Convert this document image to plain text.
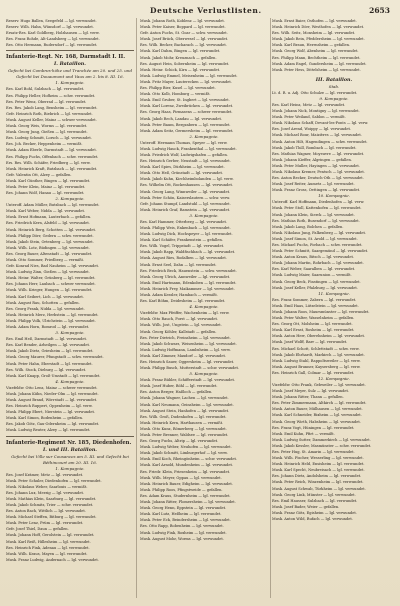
Deutsche Verlustlisten.	2653
Reserv. Hugo Ballen, Seegefeld — lgl. verwundet.
Reserv. Wilh. Hahn, Wünsdorf — lgl. verwundet.
Ersatz-Res. Karl Goldberg, Holzhausen — lgl. verw.
Res. Franz Rohde, Alt-Landsberg — lgl. verwundet.
Res. Otto Hermann, Rudersdorf — lgl. verwundet.
Infanterie-Regt. Nr. 168, Darmstadt I. II.
I. Bataillon.
Gefecht bei Combres-höhe und Tranchée am 20. und 25. und Gefecht bei Douaumont und Vaux am 2. bis 8. III. 16.
1. Kompagnie.
Res. Karl Bohl, Sulzbach — lgl. verwundet.
Res. Philipp Heller, Hofheim — schw. verwundet.
Res. Peter Wenz, Oberrad — lgl. verwundet.
Ers. Res. Jakob Lang, Bensheim — lgl. verwundet.
Gefr. Heinrich Roth, Biebrich — lgl. verwundet.
Musk. August Keller, Mainz — schwer verwundet.
Musk. Georg Weis, Worms — lgl. verwundet.
Musk. Georg Jung, Gießen — lgl. verwundet.
Res. Ludwig Schmitt, Lorsch — lgl. verwundet.
Res. Joh. Becker, Heppenheim — vermißt.
Musk. Adam Eberle, Darmstadt — lgl. verwundet.
Res. Philipp Fuchs, Offenbach — schw. verwundet.
Ers. Res. Wilh. Schäfer, Friedberg — lgl. verw.
Musk. Heinrich Kraft, Butzbach — lgl. verwundet.
Gefr. Valentin Ott, Alzey — gefallen.
Musk. Karl Günther, Bingen — lgl. verwundet.
Musk. Peter Klein, Mainz — lgl. verwundet.
Res. Johann Wolf, Hanau — lgl. verwundet.
2. Kompagnie.
Unteroff. Adam Müller, Butzbach — lgl. verwundet.
Musk. Karl Weber, Nidda — lgl. verwundet.
Musk. Ernst Hofmann, Lauterbach — gefallen.
Res. Friedrich Kern, Alsfeld — lgl. verwundet.
Musk. Heinrich Berg, Schotten — lgl. verwundet.
Musk. Philipp Dörr, Gedern — schw. verwundet.
Musk. Jakob Stein, Ortenberg — lgl. verwundet.
Musk. Wilh. Lotz, Büdingen — lgl. verwundet.
Res. Georg Bauer, Altenstadt — lgl. verwundet.
Musk. Otto Sommer, Friedberg — vermißt.
Gefr. Konrad Nies, Bad Nauheim — lgl. verwundet.
Musk. Ludwig Zinn, Gießen — lgl. verwundet.
Musk. Heinr. Walter, Grünberg — lgl. verwundet.
Res. Johann Herr, Laubach — schwer verwundet.
Musk. Wilh. Krieger, Hungen — lgl. verwundet.
Musk. Karl Seibert, Lich — lgl. verwundet.
Musk. August Rau, Schotten — gefallen.
Res. Georg Frank, Nidda — lgl. verwundet.
Musk. Heinrich Merz, Herbstein — lgl. verwundet.
Musk. Philipp Volk, Ulrichstein — lgl. verwundet.
Musk. Adam Horn, Romrod — lgl. verwundet.
3. Kompagnie.
Res. Emil Heß, Darmstadt — lgl. verwundet.
Res. Karl Bender, Arheilgen — lgl. verwundet.
Musk. Jakob Dietz, Griesheim — lgl. verwundet.
Musk. Georg Maurer, Pfungstadt — schw. verwundet.
Musk. Peter Hahn, Eberstadt — lgl. verwundet.
Res. Wilh. Stock, Dieburg — lgl. verwundet.
Musk. Karl Knapp, Groß-Umstadt — lgl. verwundet.
4. Kompagnie.
Vizefeldw. Otto Lenz, Mainz — schwer verwundet.
Musk. Johann Kühn, Nieder-Olm — lgl. verwundet.
Musk. August Brand, Wörrstadt — lgl. verwundet.
Res. Heinrich Ruppert, Oppenheim — lgl. verw.
Musk. Philipp Ebert, Nierstein — lgl. verwundet.
Musk. Karl Simon, Bodenheim — gefallen.
Res. Jakob Götz, Gau-Odernheim — lgl. verwundet.
Musk. Ludwig Reuter, Alzey — lgl. verwundet.
Infanterie-Regiment Nr. 185, Diedenhofen.
I. und III. Bataillon.
Gefecht bei Ville sur Cousances am 5. III. und Gefecht bei Béthincourt am 20. III. 16.
1. Kompagnie.
Res. Josef Krämer, Metz — lgl. verwundet.
Musk. Peter Schuler, Diedenhofen — lgl. verwundet.
Musk. Nikolaus Weber, Saarlouis — vermißt.
Res. Johann Lux, Merzig — lgl. verwundet.
Musk. Mathias Klein, Saarburg — lgl. verwundet.
Musk. Jakob Schmitz, Trier — schw. verwundet.
Res. Anton Bach, Wittlich — lgl. verwundet.
Musk. Michael Steffen, Bitburg — lgl. verwundet.
Musk. Peter Lenz, Prüm — lgl. verwundet.
Gefr. Josef Thiel, Daun — gefallen.
Musk. Johann Hoff, Gerolstein — lgl. verwundet.
Musk. Karl Reiß, Hillesheim — lgl. verwundet.
Res. Heinrich Fink, Adenau — lgl. verwundet.
Musk. Wilh. Kraus, Mayen — lgl. verwundet.
Musk. Franz Ludwig, Andernach — lgl. verwundet.
Musk. Johann Roth, Koblenz — lgl. verwundet.
Musk. Peter Kaiser, Boppard — lgl. verwundet.
Gefr. Anton Fuchs, St. Goar — schw. verwundet.
Musk. Josef Brück, Oberwesel — lgl. verwundet.
Res. Wilh. Becker, Bacharach — lgl. verwundet.
Musk. Karl Dahm, Bingen — lgl. verwundet.
Musk. Jakob Mohr, Kreuznach — gefallen.
Res. August Hein, Sobernheim — lgl. verwundet.
Musk. Heinr. Schick, Kirn — lgl. verwundet.
Musk. Ludwig Emmel, Meisenheim — lgl. verwundet.
Musk. Fritz Mayer, Lauterecken — lgl. verwundet.
Res. Philipp Bier, Kusel — lgl. verwundet.
Musk. Otto Kolb, Homburg — vermißt.
Musk. Emil Gruber, St. Ingbert — lgl. verwundet.
Musk. Karl Lorenz, Zweibrücken — lgl. verwundet.
Res. Georg Haas, Pirmasens — schwer verwundet.
Musk. Jakob Rech, Landau — lgl. verwundet.
Musk. Peter Baum, Bergzabern — lgl. verwundet.
Musk. Adam Seitz, Germersheim — lgl. verwundet.
2. Kompagnie.
Unteroff. Hermann Thomas, Speyer — lgl. verw.
Musk. Ludwig Hauck, Frankenthal — lgl. verwundet.
Musk. Friedrich Wolf, Ludwigshafen — gefallen.
Res. Heinrich Gerber, Neustadt — lgl. verwundet.
Musk. Karl Spies, Dürkheim — lgl. verwundet.
Musk. Otto Heß, Grünstadt — lgl. verwundet.
Musk. Jakob Kuhn, Kirchheimbolanden — lgl. verw.
Res. Wilhelm Ott, Rockenhausen — lgl. verwundet.
Musk. Georg Lang, Winnweiler — lgl. verwundet.
Musk. Peter Schön, Kaiserslautern — schw. verw.
Gefr. Johann Stumpf, Landstuhl — lgl. verwundet.
Musk. Heinrich Graf, Ramstein — lgl. verwundet.
3. Kompagnie.
Res. Karl Hammer, Otterberg — lgl. verwundet.
Musk. Philipp Weis, Enkenbach — lgl. verwundet.
Musk. Ludwig Dick, Hochspeyer — lgl. verwundet.
Musk. Karl Schäfer, Frankenstein — gefallen.
Res. Wilh. Vogel, Trippstadt — lgl. verwundet.
Musk. Jakob Rapp, Waldfischbach — lgl. verwundet.
Musk. August Ries, Rodalben — lgl. verwundet.
Musk. Ernst Seel, Dahn — lgl. verwundet.
Res. Friedrich Beck, Hauenstein — schw. verwundet.
Musk. Georg Ulrich, Annweiler — lgl. verwundet.
Musk. Emil Hartmann, Edenkoben — lgl. verwundet.
Musk. Heinrich Frey, Maikammer — lgl. verwundet.
Musk. Adam Kessler, Hambach — vermißt.
Res. Karl Böhm, Deidesheim — lgl. verwundet.
4. Kompagnie.
Vizefeldw. Max Pfeiffer, Wachenheim — lgl. verw.
Musk. Otto Rauch, Forst — lgl. verwundet.
Musk. Wilh. Jost, Ungstein — lgl. verwundet.
Musk. Georg Köhler, Kallstadt — gefallen.
Res. Peter Dietrich, Freinsheim — lgl. verwundet.
Musk. Jakob Schwarz, Weisenheim — lgl. verwundet.
Musk. Ludwig Hoffmann, Lambsheim — lgl. verw.
Musk. Karl Zimmer, Maxdorf — lgl. verwundet.
Res. Heinrich Sauer, Oggersheim — lgl. verwundet.
Musk. Philipp Busch, Mutterstadt — schw. verwundet.
5. Kompagnie.
Musk. Franz Bühler, Schifferstadt — lgl. verwundet.
Musk. Josef Huber, Böhl — lgl. verwundet.
Res. Anton Berger, Haßloch — gefallen.
Musk. Johann Wagner, Lachen — lgl. verwundet.
Musk. Karl Neumann, Geinsheim — lgl. verwundet.
Musk. August Stein, Hanhofen — lgl. verwundet.
Res. Wilh. Groß, Dudenhofen — lgl. verwundet.
Musk. Heinrich Kern, Harthausen — vermißt.
Musk. Otto Kunz, Römerberg — lgl. verwundet.
Musk. Peter Brenner, Waldsee — lgl. verwundet.
Res. Georg Fuchs, Altrip — lgl. verwundet.
Musk. Ludwig Weber, Neuhofen — lgl. verwundet.
Musk. Jakob Schmitt, Limburgerhof — lgl. verw.
Musk. Emil Koch, Rheingönheim — schw. verwundet.
Musk. Karl Arnold, Mundenheim — lgl. verwundet.
Res. Friedr. Klein, Friesenheim — lgl. verwundet.
Musk. Wilh. Meyer, Oppau — lgl. verwundet.
Musk. Heinrich Bauer, Edigheim — lgl. verwundet.
Musk. Philipp Roos, Pfingstweide — gefallen.
Res. Adam Kraus, Studernheim — lgl. verwundet.
Musk. Johann Ritter, Flomersheim — lgl. verwundet.
Musk. Georg Henn, Eppstein — lgl. verwundet.
Musk. Karl Lutz, Heßheim — lgl. verwundet.
Musk. Peter Eck, Beindersheim — lgl. verwundet.
Res. Otto Rapp, Bobenheim — lgl. verwundet.
Musk. Ludwig Fink, Roxheim — lgl. verwundet.
Musk. August Mohr, Worms — lgl. verwundet.
Musk. Ernst Baier, Osthofen — lgl. verwundet.
Musk. Heinrich Dörr, Westhofen — lgl. verwundet.
Res. Wilh. Seitz, Monsheim — lgl. verwundet.
Musk. Jakob Rein, Pfeddersheim — lgl. verwundet.
Musk. Karl Braun, Herrnsheim — gefallen.
Musk. Georg Wolf, Abenheim — lgl. verwundet.
Res. Philipp Mann, Bechtheim — lgl. verwundet.
Musk. Adam Engel, Gundersheim — lgl. verwundet.
Musk. Peter Hess, Dittelsheim — lgl. verwundet.
III. Bataillon.
Stab.
Lt. d. R. u. Adj. Otto Schulze — lgl. verwundet.
9. Kompagnie.
Res. Karl Heinz, Metz — lgl. verwundet.
Musk. Johann Nick, Montigny — lgl. verwundet.
Musk. Peter Weiland, Sablon — vermißt.
Musk. Nikolaus Schaff, Devant-les-Ponts — lgl. verw.
Res. Josef Arend, Woippy — lgl. verwundet.
Musk. Michael Bour, Maizières — lgl. verwundet.
Musk. Anton Hilt, Hagendingen — schw. verwundet.
Musk. Jakob Thill, Rombach — lgl. verwundet.
Res. Mathias Wagner, Moyeuvre — lgl. verwundet.
Musk. Johann Kieffer, Algringen — gefallen.
Musk. Peter Muller, Hayingen — lgl. verwundet.
Musk. Nikolaus Kremer, Fentsch — lgl. verwundet.
Res. Anton Becker, Deutsch-Oth — lgl. verwundet.
Musk. Josef Reiter, Aumetz — lgl. verwundet.
Musk. Franz Gross, Oettingen — lgl. verwundet.
10. Kompagnie.
Unteroff. Karl Hoffmann, Diedenhofen — lgl. verw.
Musk. Peter Stoll, Kattenhofen — lgl. verwundet.
Musk. Johann Klein, Sierck — lgl. verwundet.
Res. Mathias Roth, Busendorf — lgl. verwundet.
Musk. Jakob Lang, Bolchen — gefallen.
Musk. Nikolaus Jung, Falkenberg — lgl. verwundet.
Musk. Josef Simon, St. Avold — lgl. verwundet.
Res. Michael Fuchs, Forbach — schw. verwundet.
Musk. Peter Schmitt, Saargemünd — lgl. verwundet.
Musk. Anton Kraus, Bitsch — lgl. verwundet.
Musk. Johann Martin, Rohrbach — lgl. verwundet.
Res. Karl Weber, Saaralben — lgl. verwundet.
Musk. Ludwig Maier, Saarunion — vermißt.
Musk. Georg Beck, Finstingen — lgl. verwundet.
Musk. Josef Keller, Pfalzburg — lgl. verwundet.
11. Kompagnie.
Res. Franz Sommer, Zabern — lgl. verwundet.
Musk. Emil Haas, Lützelstein — lgl. verwundet.
Musk. Johann Roos, Maursmünster — lgl. verwundet.
Musk. Peter Walter, Wasselnheim — gefallen.
Res. Georg Ott, Molsheim — lgl. verwundet.
Musk. Karl Ernst, Rosheim — lgl. verwundet.
Musk. Anton Herr, Oberehnheim — lgl. verwundet.
Musk. Josef Wolff, Barr — lgl. verwundet.
Res. Michael Schott, Schlettstadt — schw. verw.
Musk. Jakob Ehrhardt, Markirch — lgl. verwundet.
Musk. Ludwig Stahl, Rappoltsweiler — lgl. verw.
Musk. August Brunner, Kaysersberg — lgl. verw.
Res. Heinrich Gall, Colmar — lgl. verwundet.
12. Kompagnie.
Vizefeldw. Otto Frank, Gebweiler — lgl. verwundet.
Musk. Josef Meyer, Sulz — lgl. verwundet.
Musk. Johann Ritter, Thann — gefallen.
Res. Peter Zimmermann, Altkirch — lgl. verwundet.
Musk. Anton Bauer, Mülhausen — lgl. verwundet.
Musk. Karl Schneider, Rixheim — lgl. verwundet.
Musk. Georg Wirth, Habsheim — lgl. verwundet.
Res. Franz Vogt, Hüningen — lgl. verwundet.
Musk. Emil Kuhn, Pfirt — vermißt.
Musk. Ludwig Sutter, Dammerkirch — lgl. verwundet.
Musk. Jakob Kessler, Masmünster — schw. verwundet.
Res. Peter Hug, St. Amarin — lgl. verwundet.
Musk. Wilh. Fischer, Wesserling — lgl. verwundet.
Musk. Heinrich Held, Ensisheim — lgl. verwundet.
Musk. Karl Specht, Neubreisach — lgl. verwundet.
Res. Johann Dietz, Andolsheim — lgl. verwundet.
Musk. Peter Reich, Winzenheim — lgl. verwundet.
Musk. August Schwab, Türkheim — lgl. verwundet.
Musk. Georg Link, Münster — lgl. verwundet.
Res. Emil Hausser, Sulzbach — lgl. verwundet.
Musk. Josef Bader, Weier — gefallen.
Musk. Franz Götz, Egisheim — lgl. verwundet.
Musk. Anton Wild, Rufach — lgl. verwundet.
